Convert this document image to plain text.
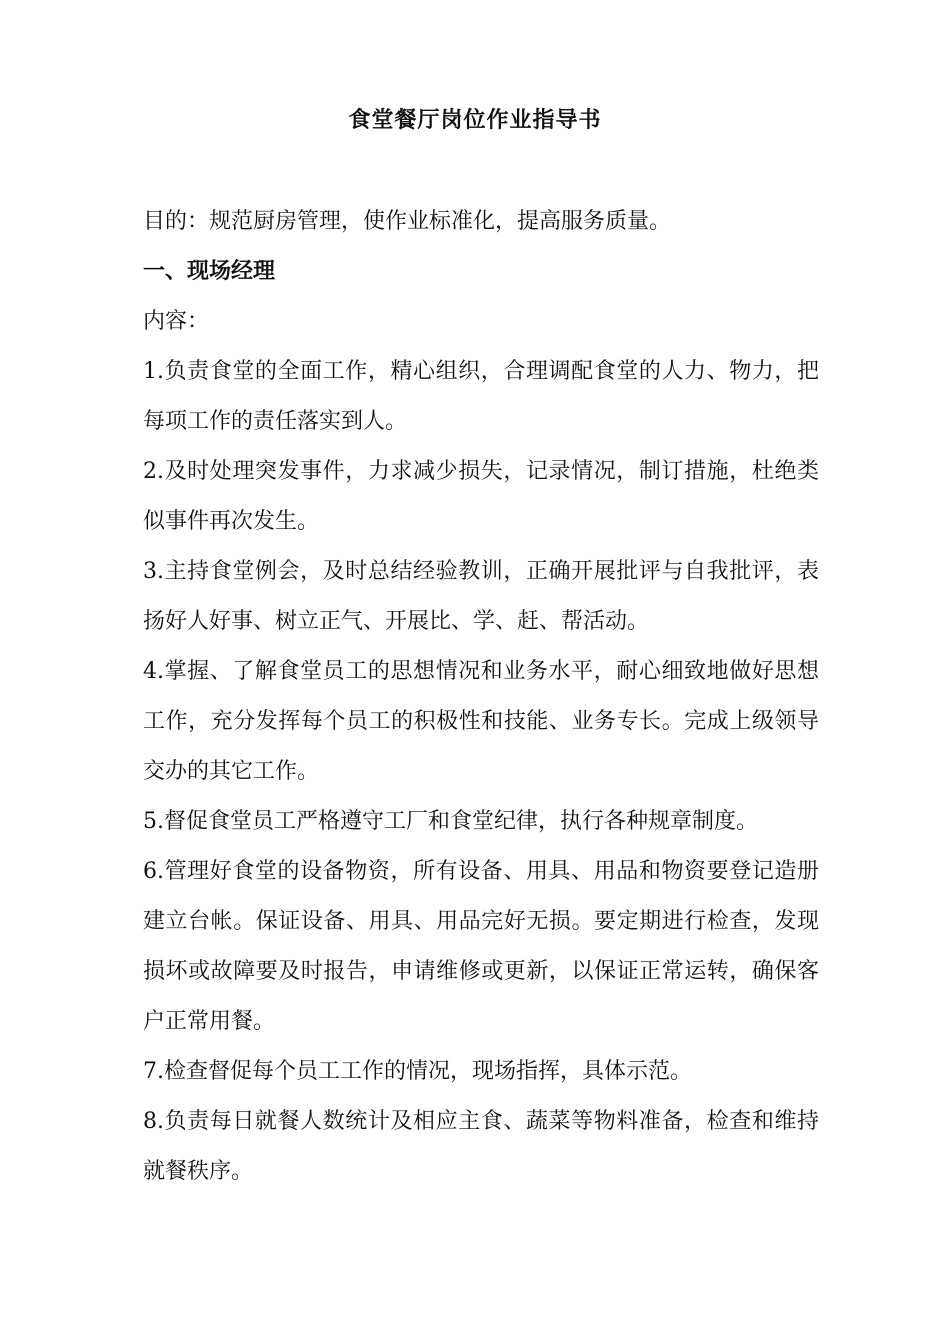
食堂餐厅岗位作业指导书

目的：规范厨房管理，使作业标准化，提高服务质量。

一、现场经理

内容：

1.负责食堂的全面工作，精心组织，合理调配食堂的人力、物力，把每项工作的责任落实到人。

2.及时处理突发事件，力求减少损失，记录情况，制订措施，杜绝类似事件再次发生。

3.主持食堂例会，及时总结经验教训，正确开展批评与自我批评，表扬好人好事、树立正气、开展比、学、赶、帮活动。

4.掌握、了解食堂员工的思想情况和业务水平，耐心细致地做好思想工作，充分发挥每个员工的积极性和技能、业务专长。完成上级领导交办的其它工作。

5.督促食堂员工严格遵守工厂和食堂纪律，执行各种规章制度。

6.管理好食堂的设备物资，所有设备、用具、用品和物资要登记造册建立台帐。保证设备、用具、用品完好无损。要定期进行检查，发现损坏或故障要及时报告，申请维修或更新，以保证正常运转，确保客户正常用餐。

7.检查督促每个员工工作的情况，现场指挥，具体示范。

8.负责每日就餐人数统计及相应主食、蔬菜等物料准备，检查和维持就餐秩序。
